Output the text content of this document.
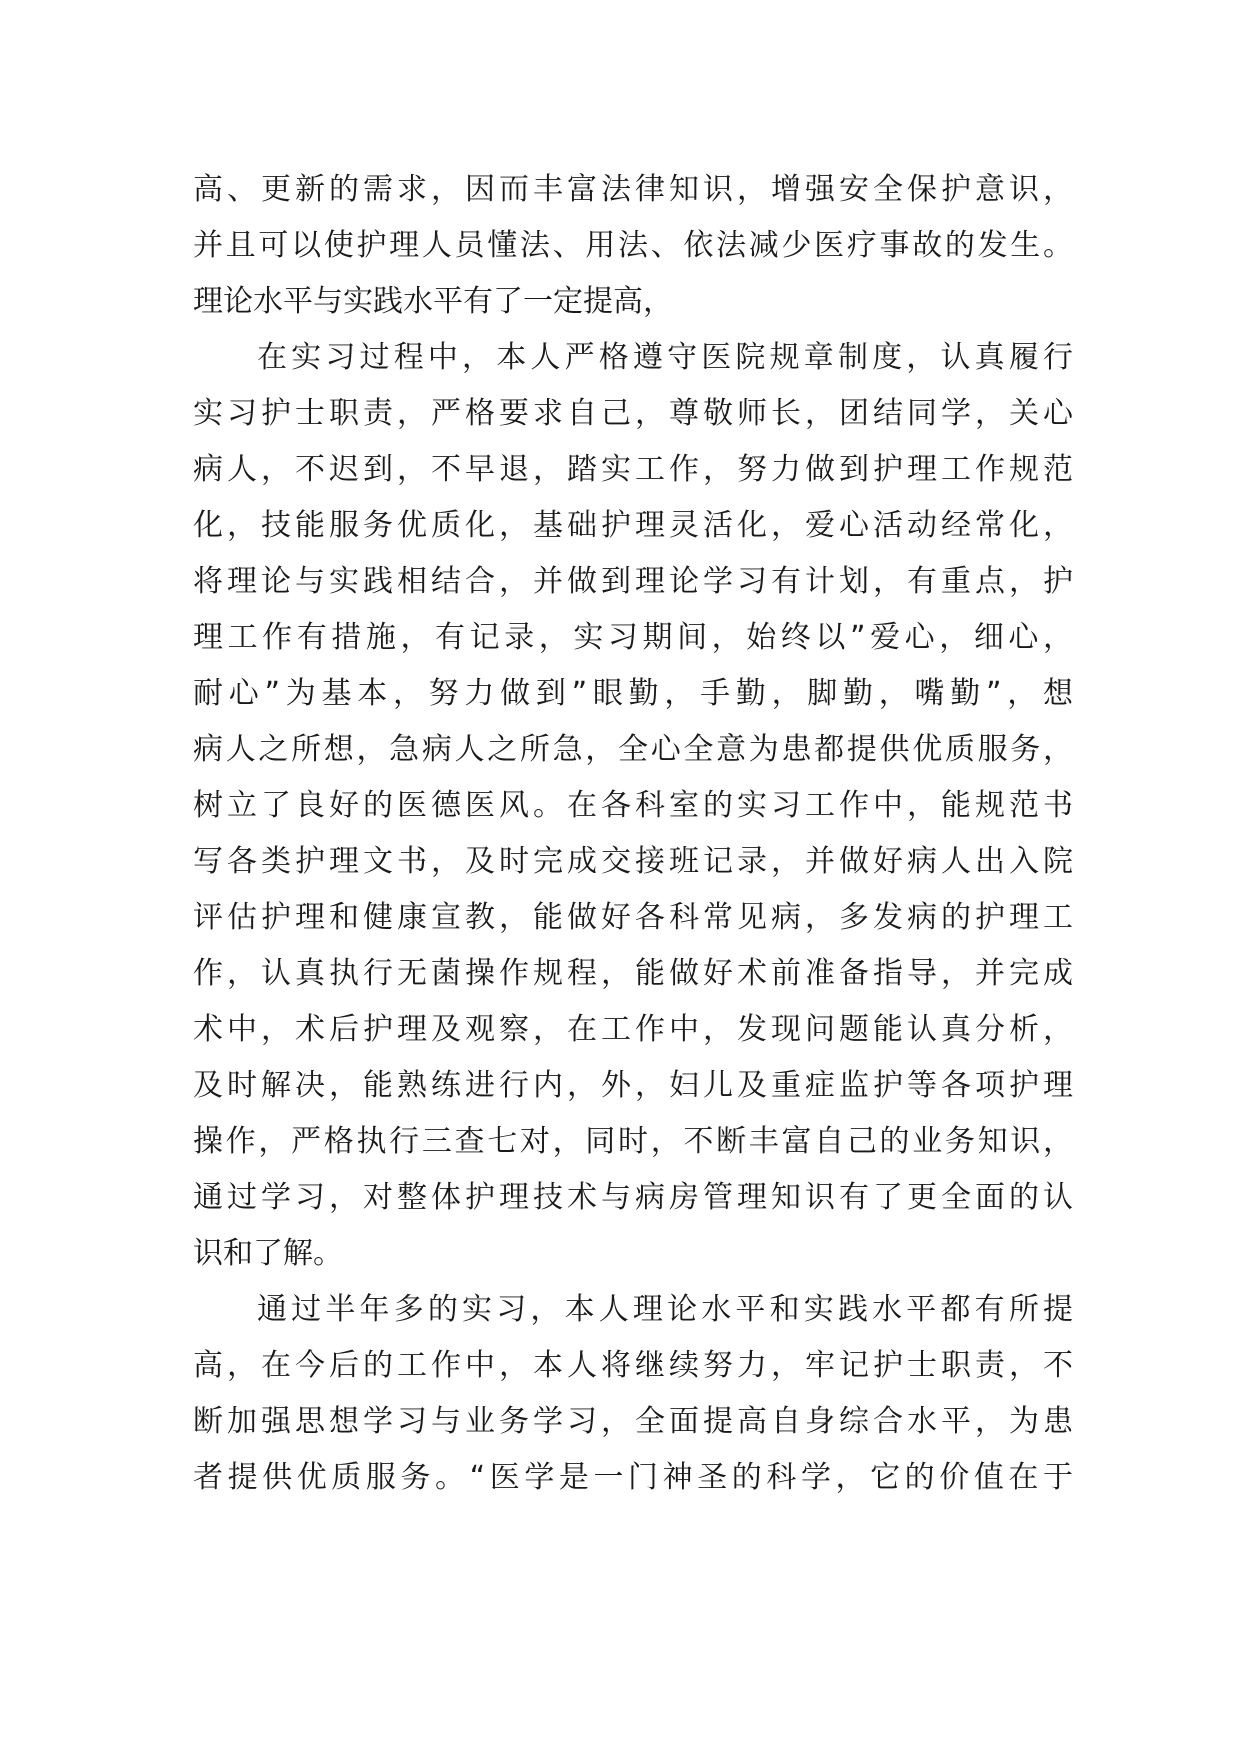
高、更新的需求，因而丰富法律知识，增强安全保护意识，

并且可以使护理人员懂法、用法、依法减少医疗事故的发生。

理论水平与实践水平有了一定提高，

在实习过程中，本人严格遵守医院规章制度，认真履行

实习护士职责，严格要求自己，尊敬师长，团结同学，关心

病人，不迟到，不早退，踏实工作，努力做到护理工作规范

化，技能服务优质化，基础护理灵活化，爱心活动经常化，

将理论与实践相结合，并做到理论学习有计划，有重点，护

理工作有措施，有记录，实习期间，始终以”爱心，细心，

耐心”为基本，努力做到”眼勤，手勤，脚勤，嘴勤”，想

病人之所想，急病人之所急，全心全意为患都提供优质服务，

树立了良好的医德医风。在各科室的实习工作中，能规范书

写各类护理文书，及时完成交接班记录，并做好病人出入院

评估护理和健康宣教，能做好各科常见病，多发病的护理工

作，认真执行无菌操作规程，能做好术前准备指导，并完成

术中，术后护理及观察，在工作中，发现问题能认真分析，

及时解决，能熟练进行内，外，妇儿及重症监护等各项护理

操作，严格执行三查七对，同时，不断丰富自己的业务知识，

通过学习，对整体护理技术与病房管理知识有了更全面的认

识和了解。

通过半年多的实习，本人理论水平和实践水平都有所提

高，在今后的工作中，本人将继续努力，牢记护士职责，不

断加强思想学习与业务学习，全面提高自身综合水平，为患

者提供优质服务。“医学是一门神圣的科学，它的价值在于
